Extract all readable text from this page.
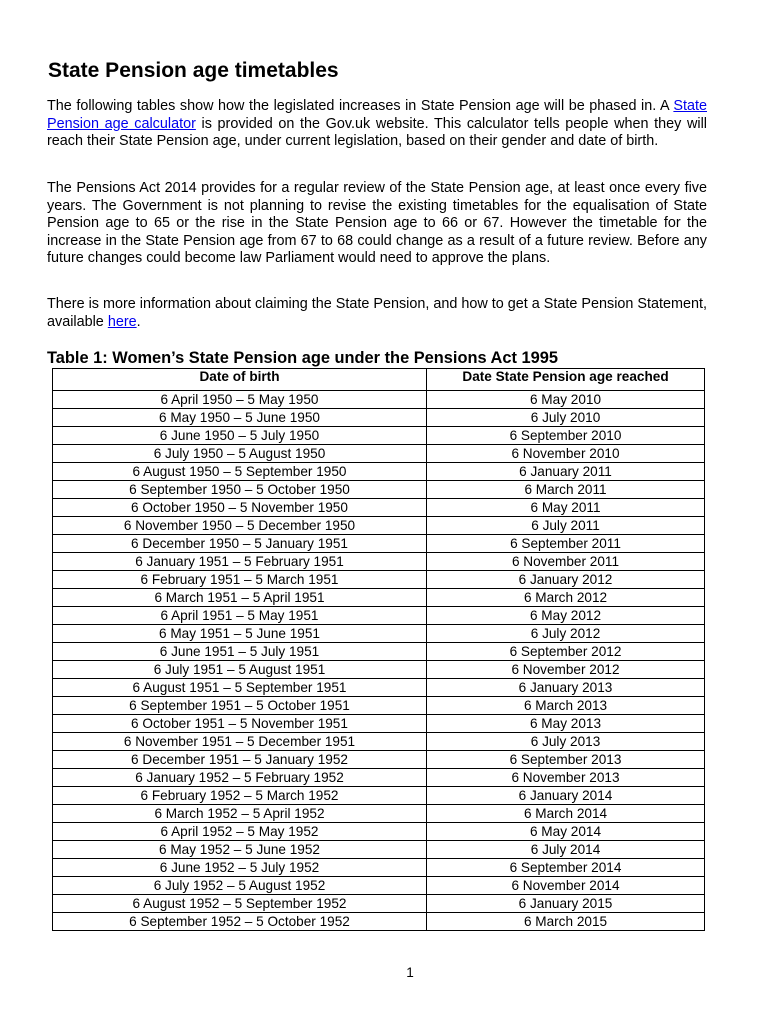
State Pension age timetables

The following tables show how the legislated increases in State Pension age will be phased in. A State Pension age calculator is provided on the Gov.uk website. This calculator tells people when they will reach their State Pension age, under current legislation, based on their gender and date of birth.

The Pensions Act 2014 provides for a regular review of the State Pension age, at least once every five years. The Government is not planning to revise the existing timetables for the equalisation of State Pension age to 65 or the rise in the State Pension age to 66 or 67. However the timetable for the increase in the State Pension age from 67 to 68 could change as a result of a future review. Before any future changes could become law Parliament would need to approve the plans.

There is more information about claiming the State Pension, and how to get a State Pension Statement, available here.

Table 1: Women’s State Pension age under the Pensions Act 1995
Date of birth	Date State Pension age reached
6 April 1950 – 5 May 1950	6 May 2010
6 May 1950 – 5 June 1950	6 July 2010
6 June 1950 – 5 July 1950	6 September 2010
6 July 1950 – 5 August 1950	6 November 2010
6 August 1950 – 5 September 1950	6 January 2011
6 September 1950 – 5 October 1950	6 March 2011
6 October 1950 – 5 November 1950	6 May 2011
6 November 1950 – 5 December 1950	6 July 2011
6 December 1950 – 5 January 1951	6 September 2011
6 January 1951 – 5 February 1951	6 November 2011
6 February 1951 – 5 March 1951	6 January 2012
6 March 1951 – 5 April 1951	6 March 2012
6 April 1951 – 5 May 1951	6 May 2012
6 May 1951 – 5 June 1951	6 July 2012
6 June 1951 – 5 July 1951	6 September 2012
6 July 1951 – 5 August 1951	6 November 2012
6 August 1951 – 5 September 1951	6 January 2013
6 September 1951 – 5 October 1951	6 March 2013
6 October 1951 – 5 November 1951	6 May 2013
6 November 1951 – 5 December 1951	6 July 2013
6 December 1951 – 5 January 1952	6 September 2013
6 January 1952 – 5 February 1952	6 November 2013
6 February 1952 – 5 March 1952	6 January 2014
6 March 1952 – 5 April 1952	6 March 2014
6 April 1952 – 5 May 1952	6 May 2014
6 May 1952 – 5 June 1952	6 July 2014
6 June 1952 – 5 July 1952	6 September 2014
6 July 1952 – 5 August 1952	6 November 2014
6 August 1952 – 5 September 1952	6 January 2015
6 September 1952 – 5 October 1952	6 March 2015
1
